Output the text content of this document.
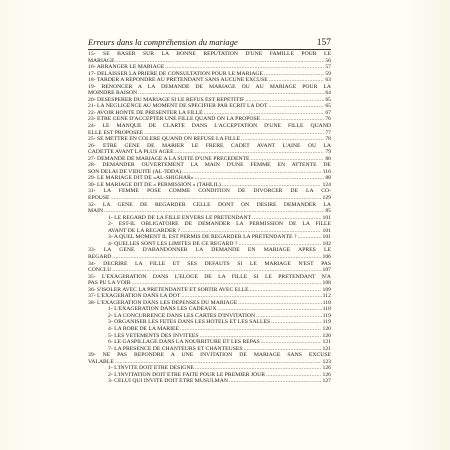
Erreurs dans la compréhension du mariage	157
15- SE BASER SUR LA BONNE REPUTATION D'UNE FAMILLE POUR LE
MARIAGE .....	56
16- ARRANGER LE MARIAGE .....	57
17- DELAISSER LA PRIERE DE CONSULTATION POUR LE MARIAGE .....	59
18- TARDER A REPONDRE AU PRETENDANT SANS AUCUNE EXCUSE .....	63
19- RENONCER A LA DEMANDE DE MARIAGE OU AU MARIAGE POUR LA
MOINDRE RAISON .....	64
20- DESESPERER DU MARIAGE SI LE REFUS EST REPETITIF .....	65
21- LA NEGLIGENCE AU MOMENT DE SPECIFIER PAR ECRIT LA DOT .....	65
22- AVOIR HONTE DE PRESENTER LA FILLE .....	67
23- ETRE GENE D'ACCEPTER UNE FILLE QUAND ON LA PROPOSE .....	76
24- LE MANQUE DE CLARTE DANS L'ACCEPTATION D'UNE FILLE QUAND
ELLE EST PROPOSEE .....	77
25- SE METTRE EN COLERE QUAND ON REFUSE LA FILLE .....	78
26- ETRE GENE DE MARIER LE FRERE CADET AVANT L'AINE OU LA
CADETTE AVANT LA PLUS AGEE .....	79
27- DEMANDE DE MARIAGE A LA SUITE D'UNE PRECEDENTE .....	80
28- DEMANDER OUVERTEMENT LA MAIN D'UNE FEMME EN ATTENTE DE
SON DELAI DE VIDUITE (AL-'IDDA) .....	116
29- LE MARIAGE DIT DE «AL-SHIGHAR» .....	88
30- LE MARIAGE DIT DE « PERMISSION » (TAHLIL) .....	124
31- LA FEMME POSE COMME CONDITION DE DIVORCER DE LA CO-
EPOUSE .....	129
32- LA GENE DE REGARDER CELLE DONT ON DESIRE DEMANDER LA
MAIN .....	85
1- LE REGARD DE LA FILLE ENVERS LE PRETENDANT .....	101
2- EST-IL OBLIGATOIRE DE DEMANDER LA PERMISSION DE LA FILLE
AVANT DE LA REGARDER ? .....	101
3- A QUEL MOMENT IL EST PERMIS DE REGARDER LA PRETENDANTE ? .....	101
4- QUELLES SONT LES LIMITES DE CE REGARD ? .....	102
33- LA GENE D'ABANDONNER LA DEMANDE EN MARIAGE APRES LE
REGARD .....	106
34- DECRIRE LA FILLE ET SES DEFAUTS SI LE MARIAGE N'EST PAS
CONCLU .....	107
35- L'EXAGERATION DANS L'ELOGE DE LA FILLE SI LE PRETENDANT N'A
PAS PU LA VOIR .....	108
36- S'ISOLER AVEC LA PRETENDANTE ET SORTIR AVEC ELLE .....	109
37- L'EXAGERATION DANS LA DOT .....	112
38- L'EXAGERATION DANS LES DEPENSES DU MARIAGE .....	118
1- L'EXAGERATION DANS LES CADEAUX .....	118
2- LA CONCURRENCE DANS LES CARTES D'INVITATION .....	119
3- ORGANISER LES FETES DANS LES HOTELS ET LES SALLES .....	119
4- LA ROBE DE LA MARIEE .....	120
5- LES VETEMENTS DES INVITEES .....	120
6- LE GASPILLAGE DANS LA NOURRITURE ET LES REPAS .....	121
7- LA PRESENCE DE CHANTEURS ET CHANTEUSES .....	121
39- NE PAS REPONDRE A UNE INVITATION DE MARIAGE SANS EXCUSE
VALABLE .....	123
1- L'INVITE DOIT ETRE DESIGNE .....	126
2- L'INVITATION DOIT ETRE FAITE POUR LE PREMIER JOUR .....	126
3- CELUI QUI INVITE DOIT ETRE MUSULMAN .....	127
